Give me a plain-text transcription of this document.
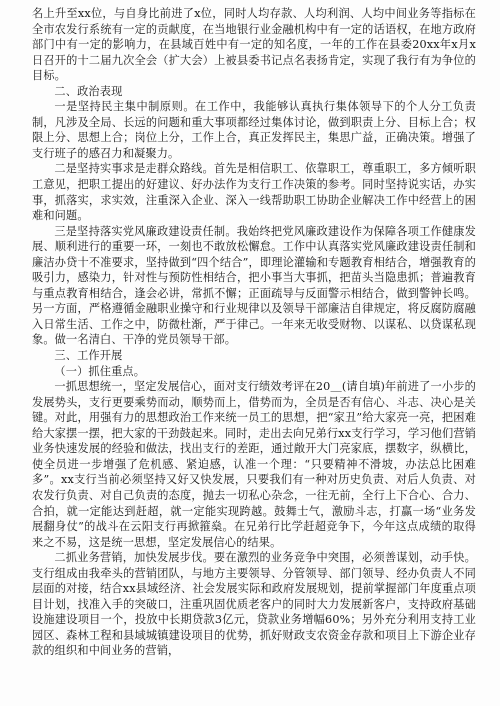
名上升至xx位，与自身比前进了x位，同时人均存款、人均利润、人均中间业务等指标在全市农发行系统有一定的贡献度，在当地银行业金融机构中有一定的话语权，在地方政府部门中有一定的影响力，在县域百姓中有一定的知名度，一年的工作在县委20xx年x月x日召开的十二届九次全会（扩大会）上被县委书记点名表扬肯定，实现了我行有为争位的目标。

二、政治表现

一是坚持民主集中制原则。在工作中，我能够认真执行集体领导下的个人分工负责制，凡涉及全局、长远的问题和重大事项都经过集体讨论，做到职责上分、目标上合；权限上分、思想上合；岗位上分，工作上合，真正发挥民主，集思广益，正确决策。增强了支行班子的感召力和凝聚力。

二是坚持实事求是走群众路线。首先是相信职工、依靠职工，尊重职工，多方倾听职工意见，把职工提出的好建议、好办法作为支行工作决策的参考。同时坚持说实话，办实事，抓落实，求实效，注重深入企业、深入一线帮助职工协助企业解决工作中经营上的困难和问题。

三是坚持落实党风廉政建设责任制。我始终把党风廉政建设作为保障各项工作健康发展、顺利进行的重要一环，一刻也不敢放松懈怠。工作中认真落实党风廉政建设责任制和廉洁办贷十不准要求，坚持做到“四个结合”，即理论灌输和专题教育相结合，增强教育的吸引力，感染力，针对性与预防性相结合，把小事当大事抓，把苗头当隐患抓；普遍教育与重点教育相结合，逢会必讲，常抓不懈；正面疏导与反面警示相结合，做到警钟长鸣。另一方面，严格遵循金融职业操守和行业规律以及领导干部廉洁自律规定，将反腐防腐融入日常生活、工作之中，防微杜渐，严于律己。一年来无收受财物、以谋私、以贷谋私现象。做一名清白、干净的党员领导干部。

三、工作开展

（一）抓住重点。

一抓思想统一，坚定发展信心，面对支行绩效考评在20＿(请自填)年前进了一小步的发展势头，支行更要乘势而动，顺势而上，借势而为，全员是否有信心、斗志、决心是关键。对此，用强有力的思想政治工作来统一员工的思想，把“家丑”给大家亮一亮，把困难给大家摆一摆，把大家的干劲鼓起来。同时，走出去向兄弟行xx支行学习，学习他们营销业务快速发展的经验和做法，找出支行的差距，通过敞开大门亮家底，摆数字，纵横比，使全员进一步增强了危机感、紧迫感，认准一个理：“只要精神不滑坡，办法总比困难多”。xx支行当前必须坚持又好又快发展，只要我们有一种对历史负责、对后人负责、对农发行负责、对自己负责的态度，抛去一切私心杂念，一往无前，全行上下合心、合力、合拍，就一定能达到赶超，就一定能实现跨越。鼓舞士气，激励斗志，打赢一场“业务发展翻身仗”的战斗在云阳支行再掀箍燊。在兄弟行比学赶超竞争下，今年这点成绩的取得来之不易，这是统一思想，坚定发展信心的结果。

二抓业务营销，加快发展步伐。要在激烈的业务竞争中突围，必须善谋划，动手快。支行组成由我牵头的营销团队，与地方主要领导、分管领导、部门领导、经办负责人不同层面的对接，结合xx县域经济、社会发展实际和政府发展规划，提前掌握部门年度重点项目计划，找准入手的突破口，注重巩固优质老客户的同时大力发展新客户，支持政府基础设施建设项目一个，投放中长期贷款3亿元，贷款业务增幅60%；另外充分利用支持工业园区、森林工程和县域城镇建设项目的优势，抓好财政支农资金存款和项目上下游企业存款的组织和中间业务的营销，
